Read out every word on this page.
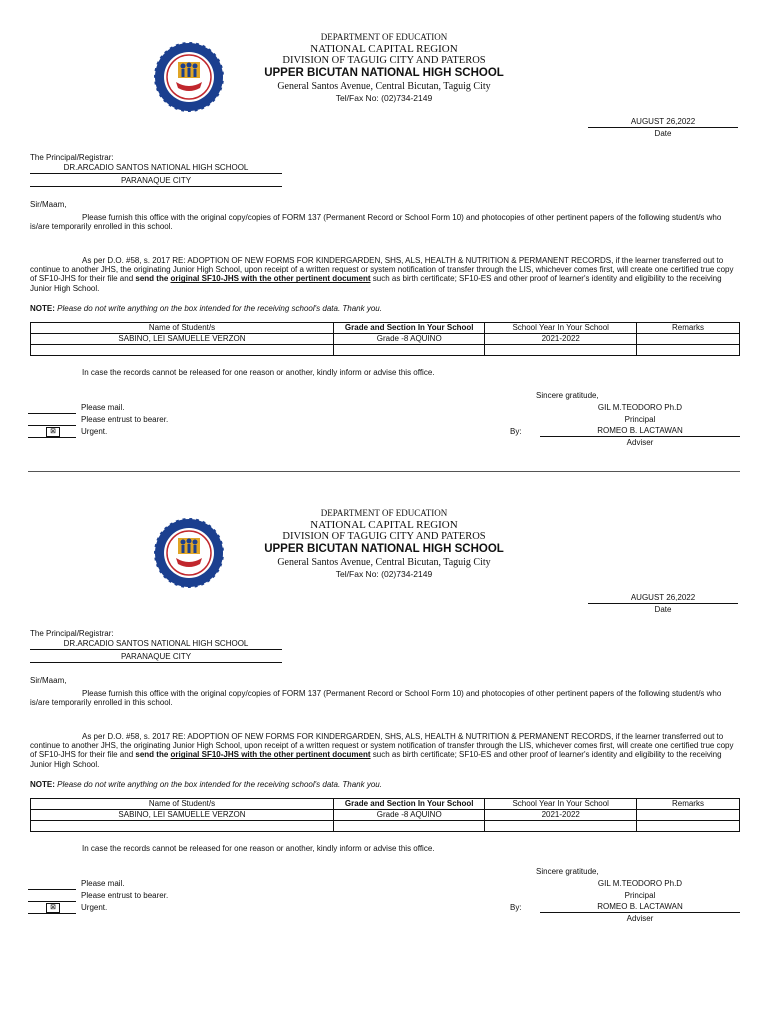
DEPARTMENT OF EDUCATION
NATIONAL CAPITAL REGION
DIVISION OF TAGUIG CITY AND PATEROS
UPPER BICUTAN NATIONAL HIGH SCHOOL
General Santos Avenue, Central Bicutan, Taguig City
Tel/Fax No: (02)734-2149
AUGUST 26,2022
Date
The Principal/Registrar:
DR.ARCADIO SANTOS NATIONAL HIGH SCHOOL
PARANAQUE CITY
Sir/Maam,
Please furnish this office with the original copy/copies of FORM 137 (Permanent Record or School Form 10) and photocopies of other pertinent papers of the following student/s who is/are temporarily enrolled in this school.
As per D.O. #58, s. 2017 RE: ADOPTION OF NEW FORMS FOR KINDERGARDEN, SHS, ALS, HEALTH & NUTRITION & PERMANENT RECORDS, if the learner transferred out to continue to another JHS, the originating Junior High School, upon receipt of a written request or system notification of transfer through the LIS, whichever comes first, will create one certified true copy of SF10-JHS for their file and send the original SF10-JHS with the other pertinent document such as birth certificate; SF10-ES and other proof of learner's identity and eligibility to the receiving Junior High School.
NOTE: Please do not write anything on the box intended for the receiving school's data. Thank you.
Name of Student/s	Grade and Section In Your School	School Year In Your School	Remarks
SABINO, LEI SAMUELLE VERZON	Grade -8 AQUINO	2021-2022	

In case the records cannot be released for one reason or another, kindly inform or advise this office.
Please mail.
Please entrust to bearer.
⊠	Urgent.
Sincere gratitude,
GIL M.TEODORO Ph.D
Principal
By:	ROMEO B. LACTAWAN
Adviser
DEPARTMENT OF EDUCATION
NATIONAL CAPITAL REGION
DIVISION OF TAGUIG CITY AND PATEROS
UPPER BICUTAN NATIONAL HIGH SCHOOL
General Santos Avenue, Central Bicutan, Taguig City
Tel/Fax No: (02)734-2149
AUGUST 26,2022
Date
The Principal/Registrar:
DR.ARCADIO SANTOS NATIONAL HIGH SCHOOL
PARANAQUE CITY
Sir/Maam,
Please furnish this office with the original copy/copies of FORM 137 (Permanent Record or School Form 10) and photocopies of other pertinent papers of the following student/s who is/are temporarily enrolled in this school.
As per D.O. #58, s. 2017 RE: ADOPTION OF NEW FORMS FOR KINDERGARDEN, SHS, ALS, HEALTH & NUTRITION & PERMANENT RECORDS, if the learner transferred out to continue to another JHS, the originating Junior High School, upon receipt of a written request or system notification of transfer through the LIS, whichever comes first, will create one certified true copy of SF10-JHS for their file and send the original SF10-JHS with the other pertinent document such as birth certificate; SF10-ES and other proof of learner's identity and eligibility to the receiving Junior High School.
NOTE: Please do not write anything on the box intended for the receiving school's data. Thank you.
Name of Student/s	Grade and Section In Your School	School Year In Your School	Remarks
SABINO, LEI SAMUELLE VERZON	Grade -8 AQUINO	2021-2022	

In case the records cannot be released for one reason or another, kindly inform or advise this office.
Please mail.
Please entrust to bearer.
⊠	Urgent.
Sincere gratitude,
GIL M.TEODORO Ph.D
Principal
By:	ROMEO B. LACTAWAN
Adviser
